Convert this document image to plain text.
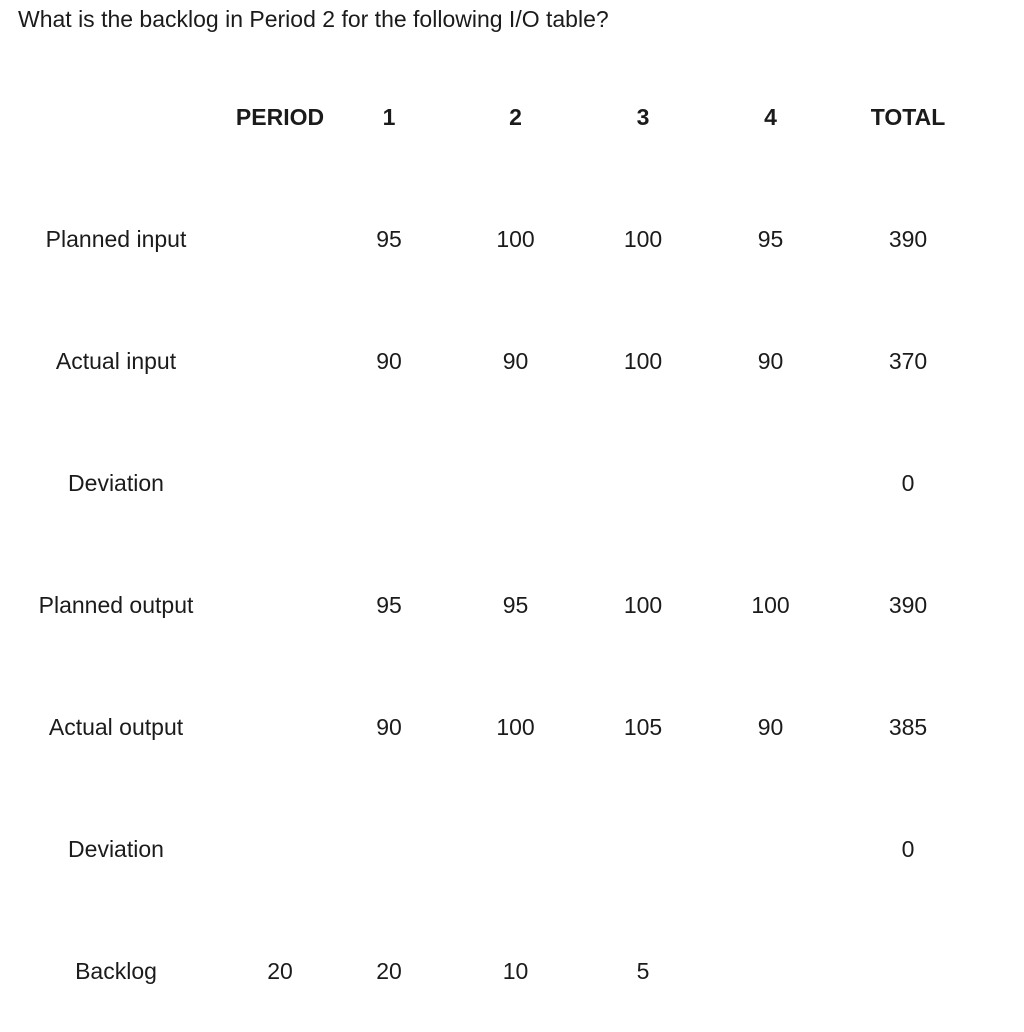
What is the backlog in Period 2 for the following I/O table?
	PERIOD	1	2	3	4	TOTAL
Planned input		95	100	100	95	390
Actual input		90	90	100	90	370
Deviation						0
Planned output		95	95	100	100	390
Actual output		90	100	105	90	385
Deviation						0
Backlog	20	20	10	5		
